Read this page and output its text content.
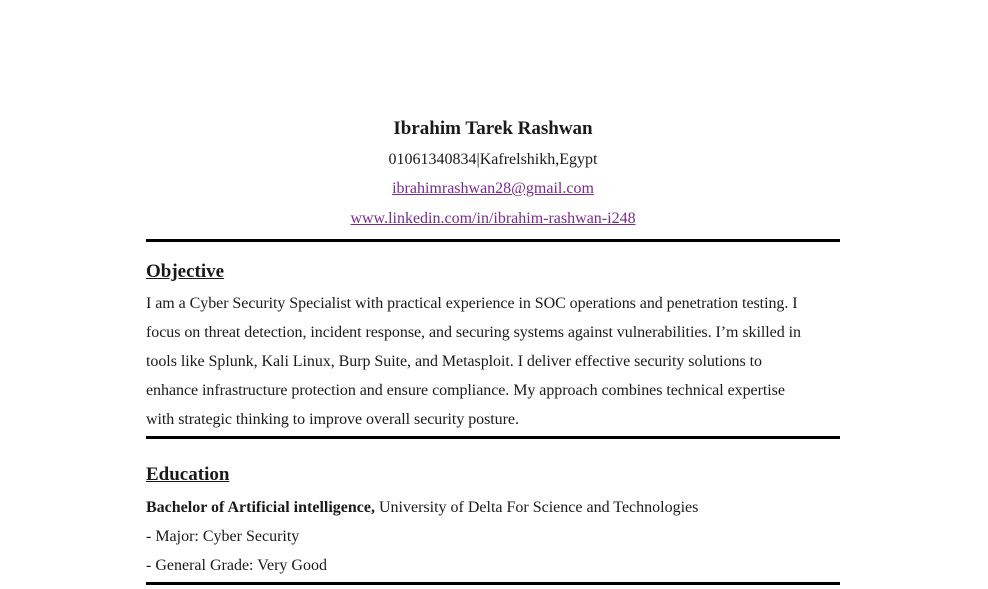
Ibrahim Tarek Rashwan
01061340834|Kafrelshikh,Egypt
ibrahimrashwan28@gmail.com
www.linkedin.com/in/ibrahim-rashwan-i248
Objective
I am a Cyber Security Specialist with practical experience in SOC operations and penetration testing. I
focus on threat detection, incident response, and securing systems against vulnerabilities. I’m skilled in
tools like Splunk, Kali Linux, Burp Suite, and Metasploit. I deliver effective security solutions to
enhance infrastructure protection and ensure compliance. My approach combines technical expertise
with strategic thinking to improve overall security posture.
Education
Bachelor of Artificial intelligence, University of Delta For Science and Technologies
- Major: Cyber Security
- General Grade: Very Good
